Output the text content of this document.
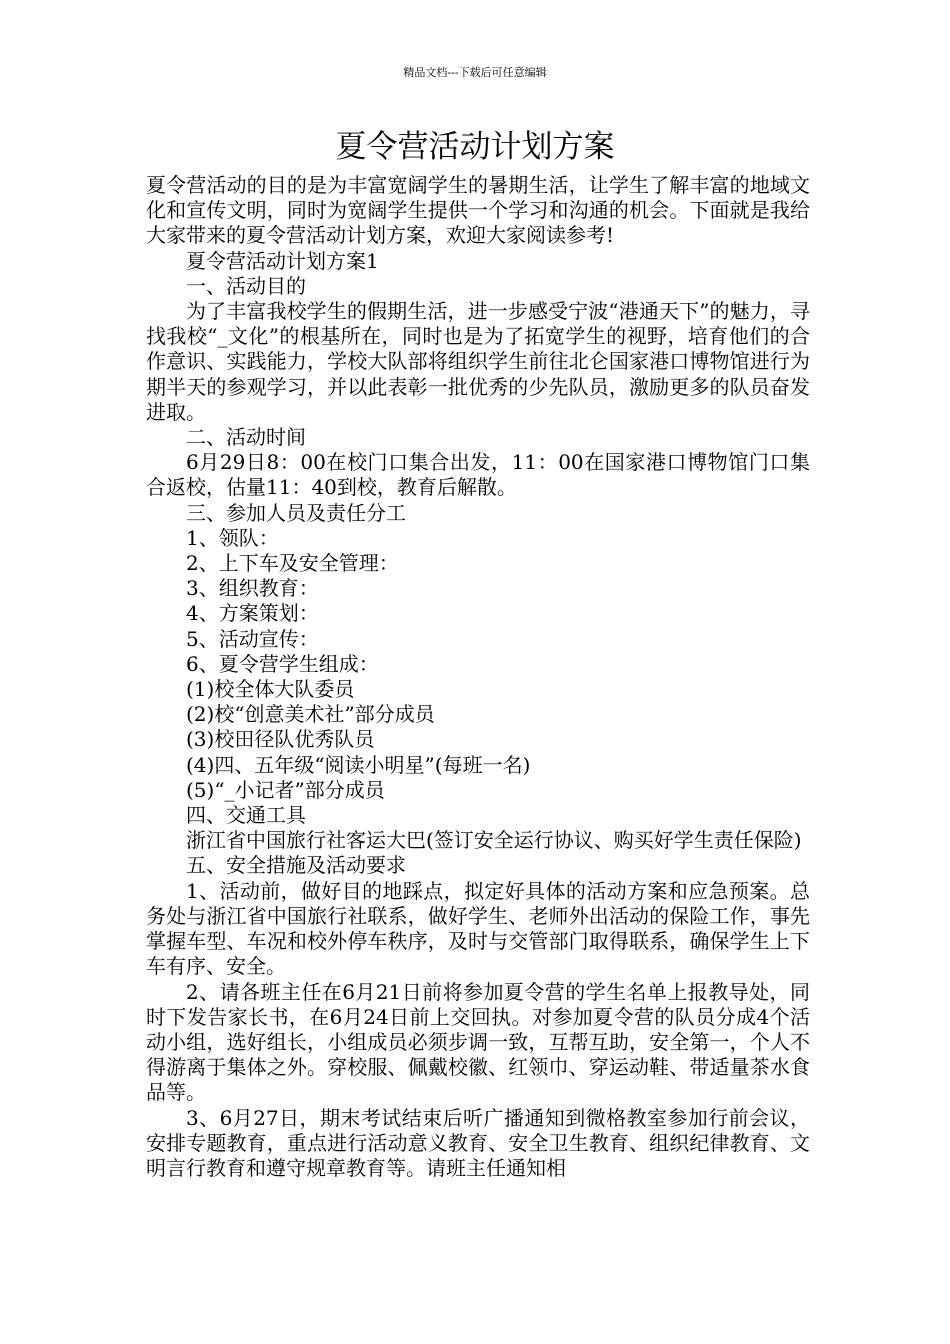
精品文档---下载后可任意编辑
夏令营活动计划方案

夏令营活动的目的是为丰富宽阔学生的暑期生活，让学生了解丰富的地域文化和宣传文明，同时为宽阔学生提供一个学习和沟通的机会。下面就是我给大家带来的夏令营活动计划方案，欢迎大家阅读参考!

夏令营活动计划方案1

一、活动目的

为了丰富我校学生的假期生活，进一步感受宁波“港通天下”的魅力，寻找我校“_文化”的根基所在，同时也是为了拓宽学生的视野，培育他们的合作意识、实践能力，学校大队部将组织学生前往北仑国家港口博物馆进行为期半天的参观学习，并以此表彰一批优秀的少先队员，激励更多的队员奋发进取。

二、活动时间

6月29日8：00在校门口集合出发，11：00在国家港口博物馆门口集合返校，估量11：40到校，教育后解散。

三、参加人员及责任分工

1、领队：

2、上下车及安全管理：

3、组织教育：

4、方案策划：

5、活动宣传：

6、夏令营学生组成：

(1)校全体大队委员

(2)校“创意美术社”部分成员

(3)校田径队优秀队员

(4)四、五年级“阅读小明星”(每班一名)

(5)“_小记者”部分成员

四、交通工具

浙江省中国旅行社客运大巴(签订安全运行协议、购买好学生责任保险)

五、安全措施及活动要求

1、活动前，做好目的地踩点，拟定好具体的活动方案和应急预案。总务处与浙江省中国旅行社联系，做好学生、老师外出活动的保险工作，事先掌握车型、车况和校外停车秩序，及时与交管部门取得联系，确保学生上下车有序、安全。

2、请各班主任在6月21日前将参加夏令营的学生名单上报教导处，同时下发告家长书，在6月24日前上交回执。对参加夏令营的队员分成4个活动小组，选好组长，小组成员必须步调一致，互帮互助，安全第一，个人不得游离于集体之外。穿校服、佩戴校徽、红领巾、穿运动鞋、带适量茶水食品等。

3、6月27日，期末考试结束后听广播通知到微格教室参加行前会议，安排专题教育，重点进行活动意义教育、安全卫生教育、组织纪律教育、文明言行教育和遵守规章教育等。请班主任通知相
